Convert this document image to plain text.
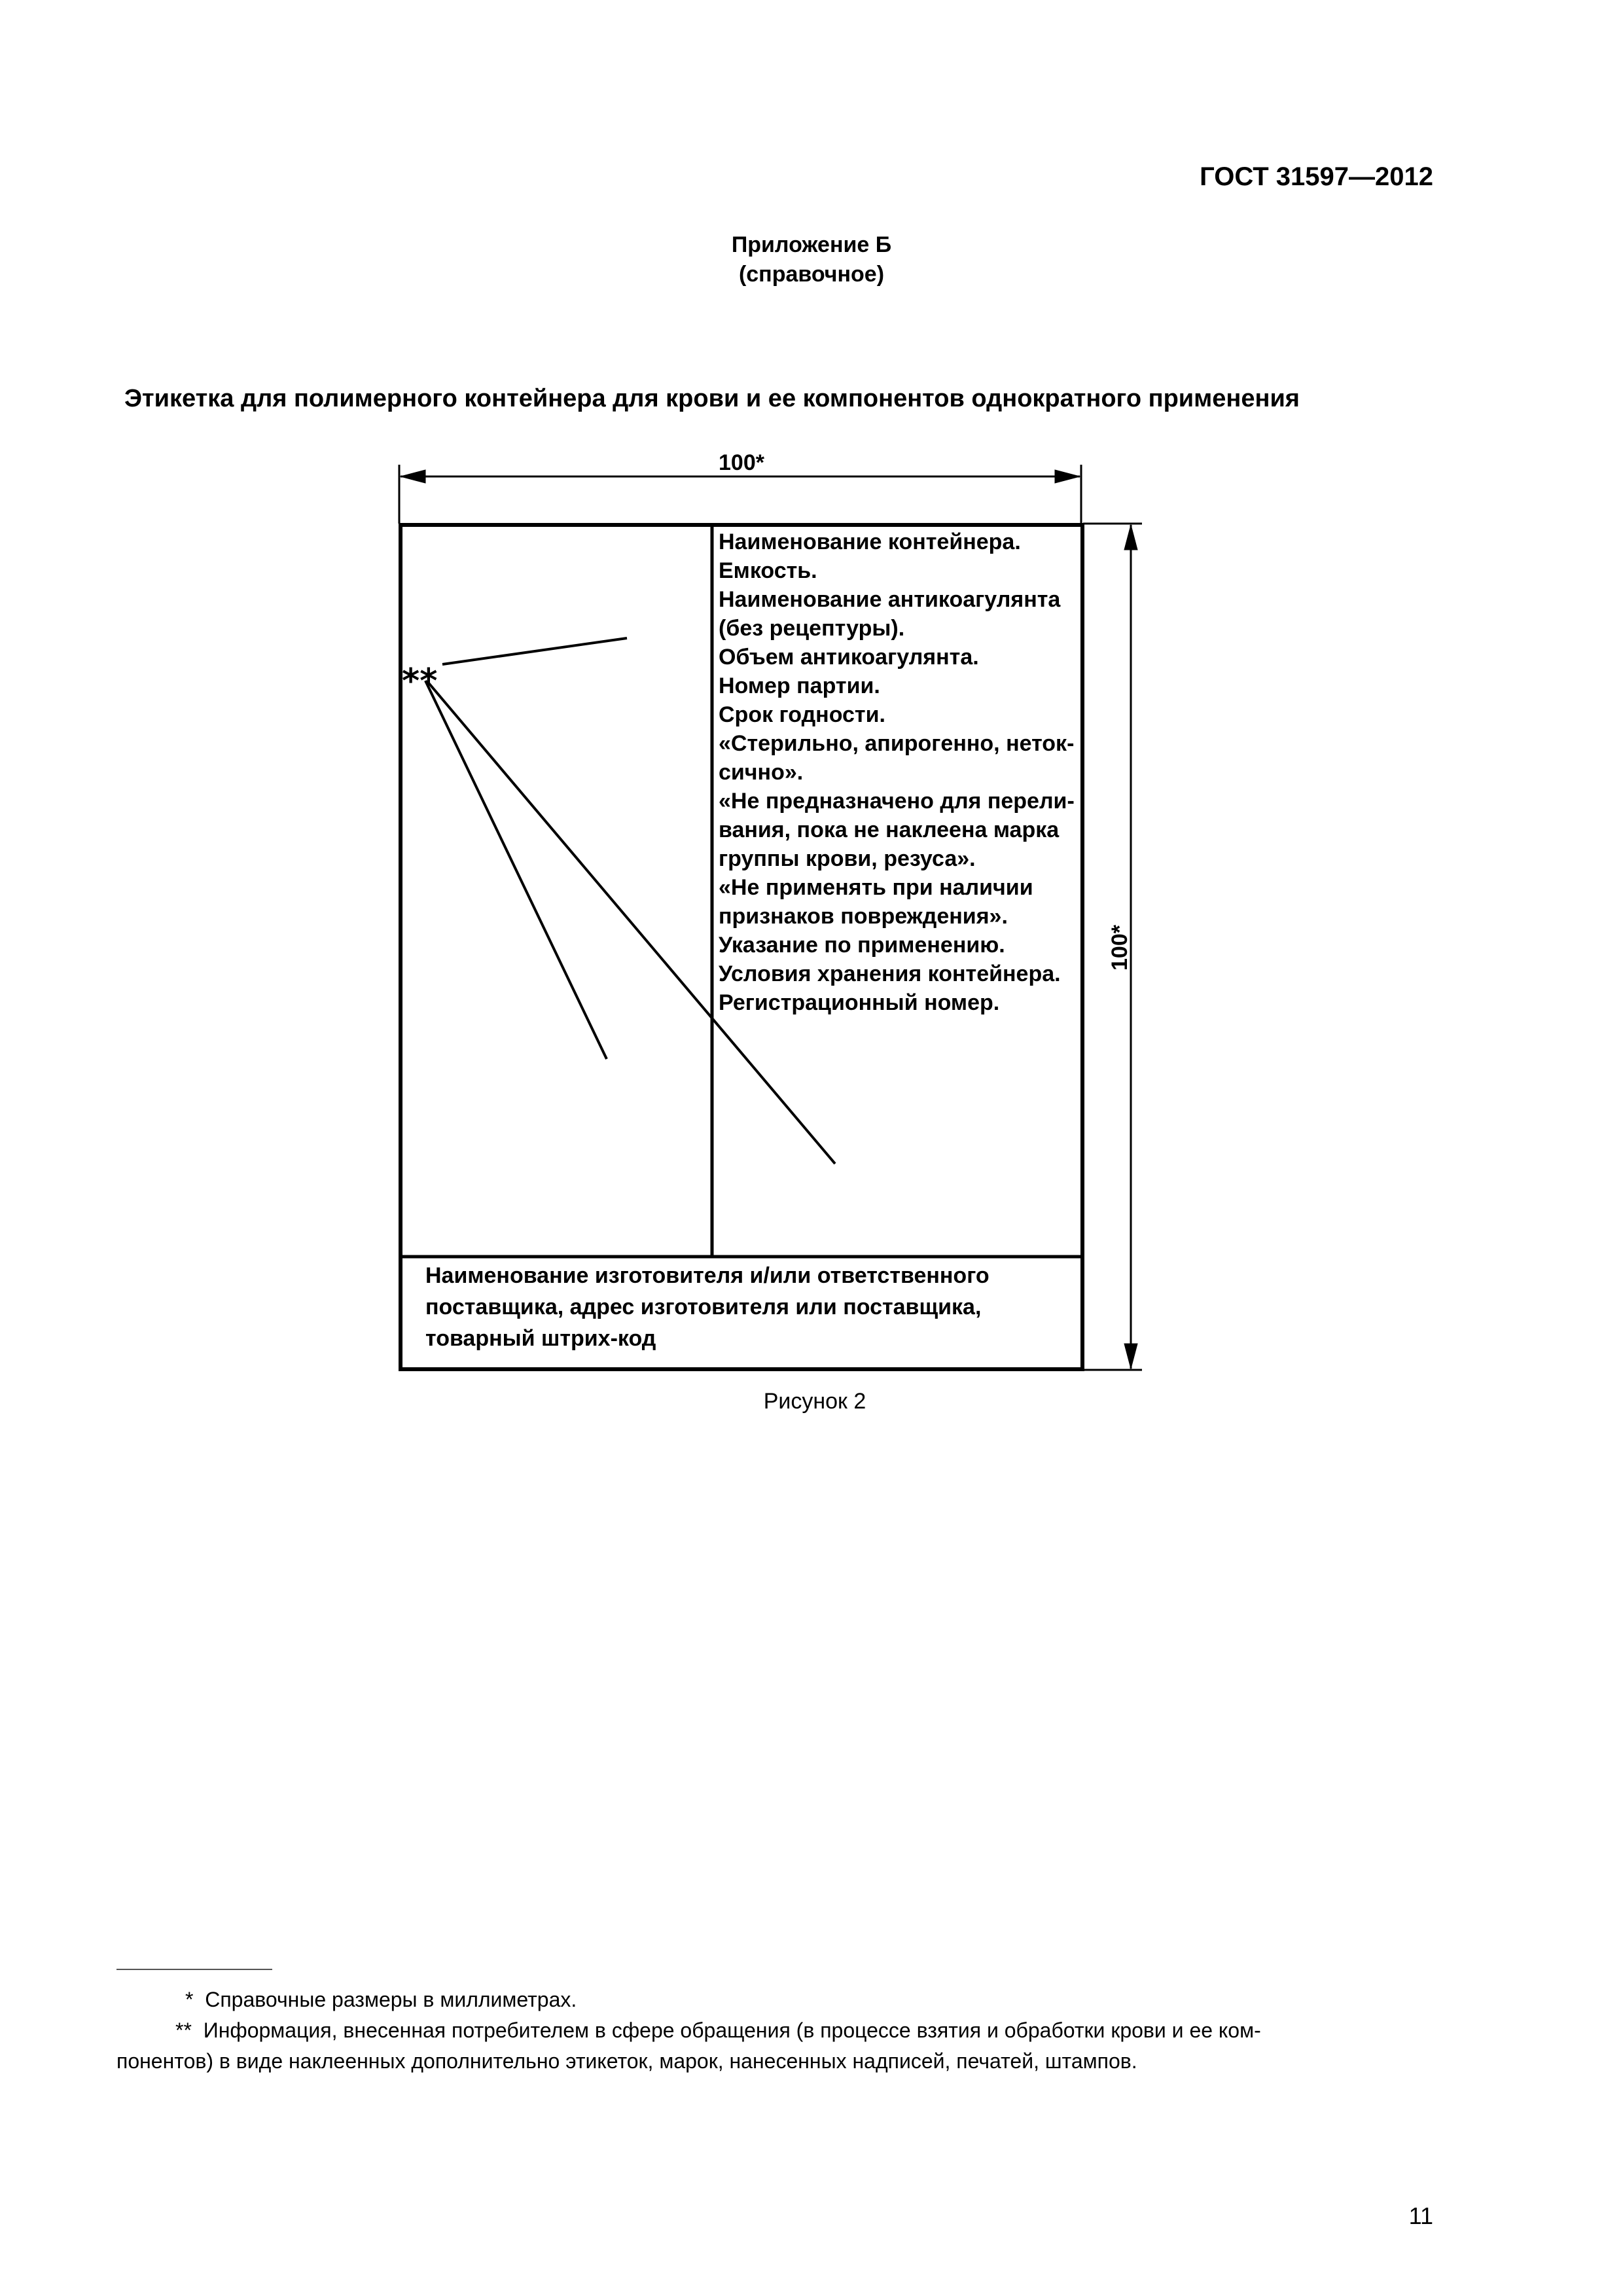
ГОСТ 31597—2012
Приложение Б
(справочное)
Этикетка для полимерного контейнера для крови и ее компонентов однократного применения
**
100*
100*
Наименование контейнера.
Емкость.
Наименование антикоагулянта
(без рецептуры).
Объем антикоагулянта.
Номер партии.
Срок годности.
«Стерильно, апирогенно, неток-
сично».
«Не предназначено для перели-
вания, пока не наклеена марка
группы крови, резуса».
«Не применять при наличии
признаков повреждения».
Указание по применению.
Условия хранения контейнера.
Регистрационный номер.
Наименование изготовителя и/или ответственного
поставщика, адрес изготовителя или поставщика,
товарный штрих-код
Рисунок 2
* Справочные размеры в миллиметрах.
** Информация, внесенная потребителем в сфере обращения (в процессе взятия и обработки крови и ее ком-
понентов) в виде наклеенных дополнительно этикеток, марок, нанесенных надписей, печатей, штампов.
11
